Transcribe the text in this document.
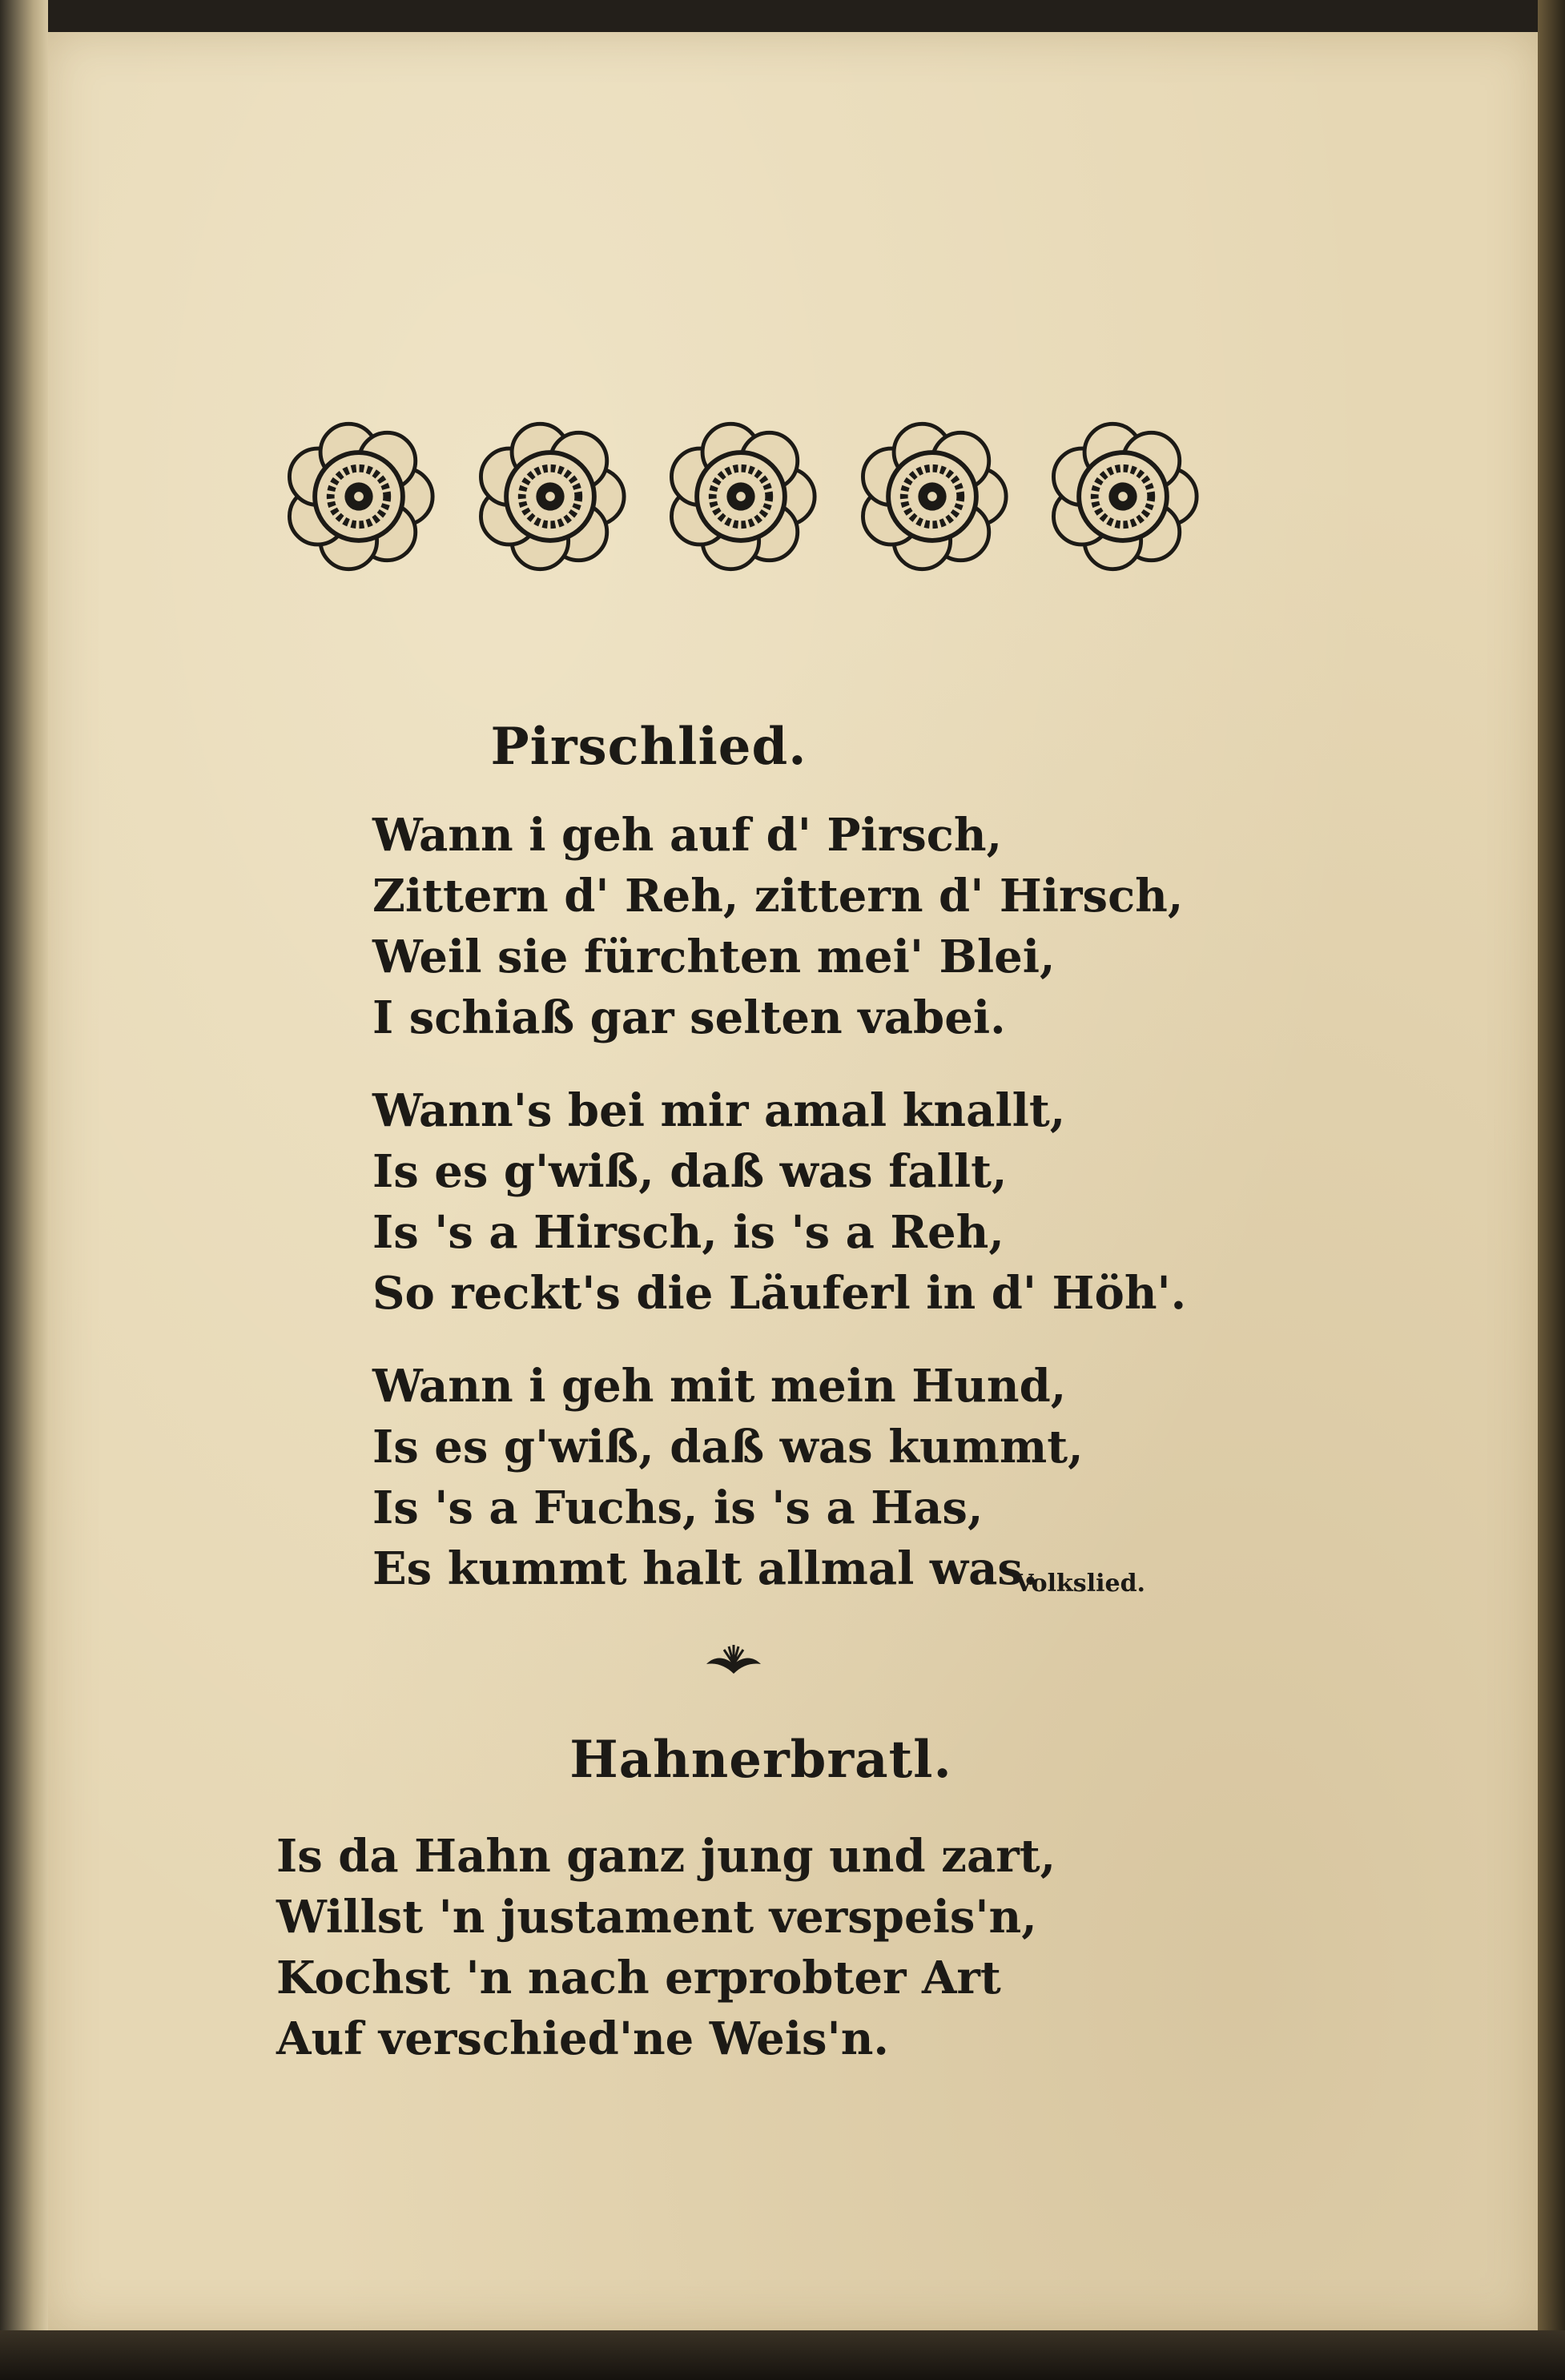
Pirschlied.
Wann i geh auf d' Pirsch,
Zittern d' Reh, zittern d' Hirsch,
Weil sie fürchten mei' Blei,
I schiaß gar selten vabei.
Wann's bei mir amal knallt,
Is es g'wiß, daß was fallt,
Is 's a Hirsch, is 's a Reh,
So reckt's die Läuferl in d' Höh'.
Wann i geh mit mein Hund,
Is es g'wiß, daß was kummt,
Is 's a Fuchs, is 's a Has,
Es kummt halt allmal was.
Volkslied.
Hahnerbratl.
Is da Hahn ganz jung und zart,
Willst 'n justament verspeis'n,
Kochst 'n nach erprobter Art
Auf verschied'ne Weis'n.
